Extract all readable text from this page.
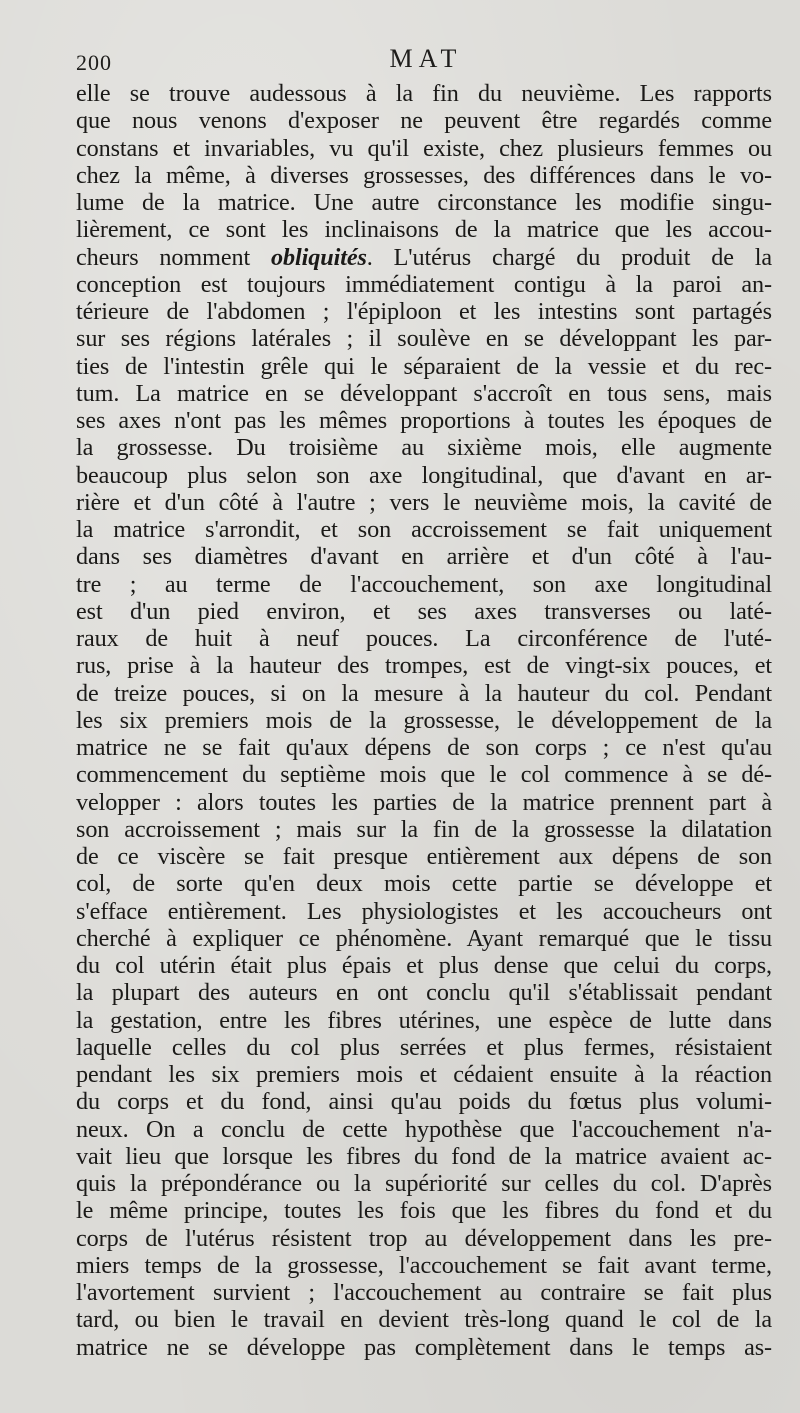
200	MAT
elle se trouve audessous à la fin du neuvième. Les rapports
que nous venons d'exposer ne peuvent être regardés comme
constans et invariables, vu qu'il existe, chez plusieurs femmes ou
chez la même, à diverses grossesses, des différences dans le vo-
lume de la matrice. Une autre circonstance les modifie singu-
lièrement, ce sont les inclinaisons de la matrice que les accou-
cheurs nomment obliquités. L'utérus chargé du produit de la
conception est toujours immédiatement contigu à la paroi an-
térieure de l'abdomen ; l'épiploon et les intestins sont partagés
sur ses régions latérales ; il soulève en se développant les par-
ties de l'intestin grêle qui le séparaient de la vessie et du rec-
tum. La matrice en se développant s'accroît en tous sens, mais
ses axes n'ont pas les mêmes proportions à toutes les époques de
la grossesse. Du troisième au sixième mois, elle augmente
beaucoup plus selon son axe longitudinal, que d'avant en ar-
rière et d'un côté à l'autre ; vers le neuvième mois, la cavité de
la matrice s'arrondit, et son accroissement se fait uniquement
dans ses diamètres d'avant en arrière et d'un côté à l'au-
tre ; au terme de l'accouchement, son axe longitudinal
est d'un pied environ, et ses axes transverses ou laté-
raux de huit à neuf pouces. La circonférence de l'uté-
rus, prise à la hauteur des trompes, est de vingt-six pouces, et
de treize pouces, si on la mesure à la hauteur du col. Pendant
les six premiers mois de la grossesse, le développement de la
matrice ne se fait qu'aux dépens de son corps ; ce n'est qu'au
commencement du septième mois que le col commence à se dé-
velopper : alors toutes les parties de la matrice prennent part à
son accroissement ; mais sur la fin de la grossesse la dilatation
de ce viscère se fait presque entièrement aux dépens de son
col, de sorte qu'en deux mois cette partie se développe et
s'efface entièrement. Les physiologistes et les accoucheurs ont
cherché à expliquer ce phénomène. Ayant remarqué que le tissu
du col utérin était plus épais et plus dense que celui du corps,
la plupart des auteurs en ont conclu qu'il s'établissait pendant
la gestation, entre les fibres utérines, une espèce de lutte dans
laquelle celles du col plus serrées et plus fermes, résistaient
pendant les six premiers mois et cédaient ensuite à la réaction
du corps et du fond, ainsi qu'au poids du fœtus plus volumi-
neux. On a conclu de cette hypothèse que l'accouchement n'a-
vait lieu que lorsque les fibres du fond de la matrice avaient ac-
quis la prépondérance ou la supériorité sur celles du col. D'après
le même principe, toutes les fois que les fibres du fond et du
corps de l'utérus résistent trop au développement dans les pre-
miers temps de la grossesse, l'accouchement se fait avant terme,
l'avortement survient ; l'accouchement au contraire se fait plus
tard, ou bien le travail en devient très-long quand le col de la
matrice ne se développe pas complètement dans le temps as-
